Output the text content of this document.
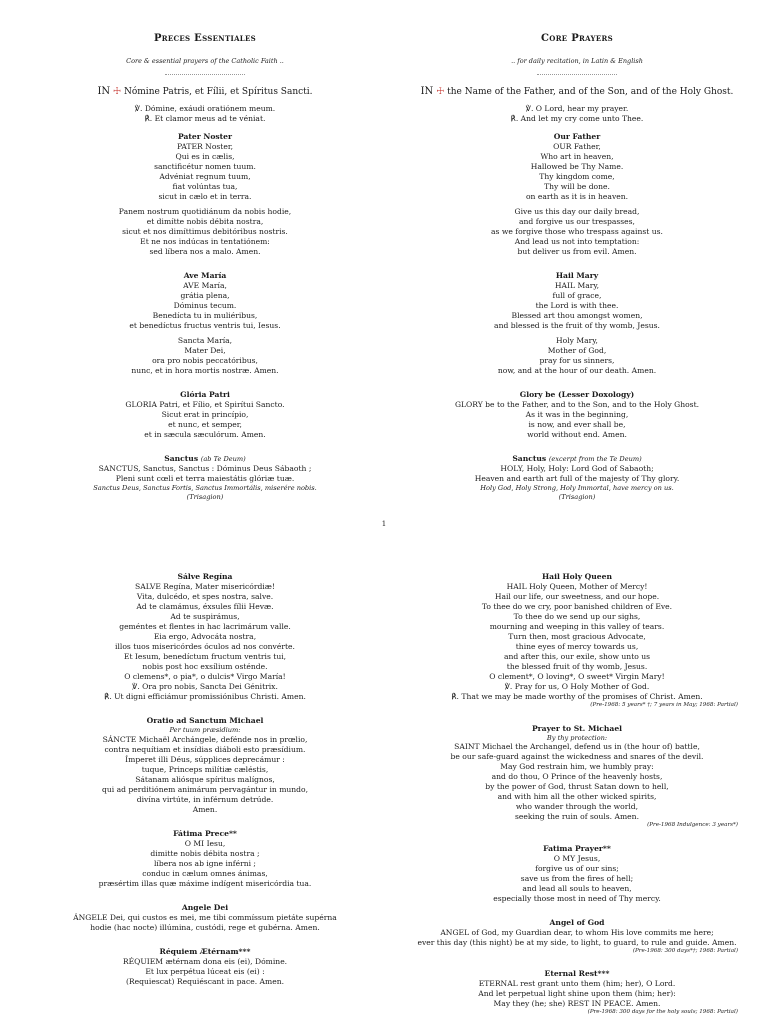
Preces Essentiales
Core & essential prayers of the Catholic Faith ..
IN ☩ Nómine Patris, et Fílii, et Spíritus Sancti.
℣. Dómine, exáudi oratiónem meum.
℟. Et clamor meus ad te véniat.
Pater Noster
PATER Noster,
Qui es in cælis,
sanctificétur nomen tuum.
Advéniat regnum tuum,
fiat volúntas tua,
sicut in cælo et in terra.
Panem nostrum quotidiánum da nobis hodie,
et dimítte nobis débita nostra,
sicut et nos dimíttimus debitóribus nostris.
Et ne nos indúcas in tentatiónem:
sed líbera nos a malo. Amen.
Ave María
AVE María,
grátia plena,
Dóminus tecum.
Benedícta tu in muliéribus,
et benedíctus fructus ventris tui, Iesus.
Sancta María,
Mater Dei,
ora pro nobis peccatóribus,
nunc, et in hora mortis nostræ. Amen.
Glória Patri
GLORIA Patri, et Fílio, et Spirítui Sancto.
Sicut erat in princípio,
et nunc, et semper,
et in sæcula sæculórum. Amen.
Sanctus (ab Te Deum)
SANCTUS, Sanctus, Sanctus : Dóminus Deus Sábaoth ;
Pleni sunt cœli et terra maiestátis glóriæ tuæ.
Sanctus Deus, Sanctus Fortis, Sanctus Immortális, miserére nobis.
(Trisagion)
Core Prayers
.. for daily recitation, in Latin & English
IN ☩ the Name of the Father, and of the Son, and of the Holy Ghost.
℣. O Lord, hear my prayer.
℟. And let my cry come unto Thee.
Our Father
OUR Father,
Who art in heaven,
Hallowed be Thy Name.
Thy kingdom come,
Thy will be done.
on earth as it is in heaven.
Give us this day our daily bread,
and forgive us our trespasses,
as we forgive those who trespass against us.
And lead us not into temptation:
but deliver us from evil. Amen.
Hail Mary
HAIL Mary,
full of grace,
the Lord is with thee.
Blessed art thou amongst women,
and blessed is the fruit of thy womb, Jesus.
Holy Mary,
Mother of God,
pray for us sinners,
now, and at the hour of our death. Amen.
Glory be (Lesser Doxology)
GLORY be to the Father, and to the Son, and to the Holy Ghost.
As it was in the beginning,
is now, and ever shall be,
world without end. Amen.
Sanctus (excerpt from the Te Deum)
HOLY, Holy, Holy: Lord God of Sabaoth;
Heaven and earth art full of the majesty of Thy glory.
Holy God, Holy Strong, Holy Immortal, have mercy on us.
(Trisagion)
1
Sálve Regína
SALVE Regína, Mater misericórdiæ!
Vita, dulcédo, et spes nostra, salve.
Ad te clamámus, éxsules fílii Hevæ.
Ad te suspirámus,
geméntes et flentes in hac lacrimárum valle.
Eia ergo, Advocáta nostra,
illos tuos misericórdes óculos ad nos convérte.
Et Iesum, benedíctum fructum ventris tui,
nobis post hoc exsílium osténde.
O clemens*, o pia*, o dulcis* Virgo María!
℣. Ora pro nobis, Sancta Dei Génitrix.
℟. Ut digni efficiámur promissiónibus Christi. Amen.
Oratio ad Sanctum Michael
Per tuum præsidium:
SÁNCTE Michaël Archángele, defénde nos in prœlio,
contra nequítiam et insídias diáboli esto præsídium.
Ímperet illi Déus, súpplices deprecámur :
tuque, Princeps milítiæ cæléstis,
Sátanam aliósque spíritus malígnos,
qui ad perditiónem animárum pervagántur in mundo,
divína virtúte, in inférnum detrúde.
Amen.
Fátima Prece**
O MI Iesu,
dimitte nobis débita nostra ;
líbera nos ab igne inférni ;
conduc in cælum omnes ánimas,
præsértim illas quæ máxime indígent misericórdia tua.
Angele Dei
ÁNGELE Dei, qui custos es mei, me tibi commíssum pietáte supérna
hodie (hac nocte) illúmina, custódi, rege et gubérna. Amen.
Réquiem Ætérnam***
RÉQUIEM ætérnam dona eis (ei), Dómine.
Et lux perpétua lúceat eis (ei) :
(Requiescat) Requiéscant in pace. Amen.
Hail Holy Queen
HAIL Holy Queen, Mother of Mercy!
Hail our life, our sweetness, and our hope.
To thee do we cry, poor banished children of Eve.
To thee do we send up our sighs,
mourning and weeping in this valley of tears.
Turn then, most gracious Advocate,
thine eyes of mercy towards us,
and after this, our exile, show unto us
the blessed fruit of thy womb, Jesus.
O clement*, O loving*, O sweet* Virgin Mary!
℣. Pray for us, O Holy Mother of God.
℟. That we may be made worthy of the promises of Christ. Amen.
(Pre-1968: 5 years* †; 7 years in May; 1968: Partial)
Prayer to St. Michael
By thy protection:
SAINT Michael the Archangel, defend us in (the hour of) battle,
be our safe-guard against the wickedness and snares of the devil.
May God restrain him, we humbly pray:
and do thou, O Prince of the heavenly hosts,
by the power of God, thrust Satan down to hell,
and with him all the other wicked spirits,
who wander through the world,
seeking the ruin of souls. Amen.
(Pre-1968 Indulgence: 3 years*)
Fatima Prayer**
O MY Jesus,
forgive us of our sins;
save us from the fires of hell;
and lead all souls to heaven,
especially those most in need of Thy mercy.
Angel of God
ANGEL of God, my Guardian dear, to whom His love commits me here;
ever this day (this night) be at my side, to light, to guard, to rule and guide. Amen.
(Pre-1968: 300 days*†; 1968: Partial)
Eternal Rest***
ETERNAL rest grant unto them (him; her), O Lord.
And let perpetual light shine upon them (him; her):
May they (he; she) REST IN PEACE. Amen.
(Pre-1968: 300 days for the holy souls; 1968: Partial)
